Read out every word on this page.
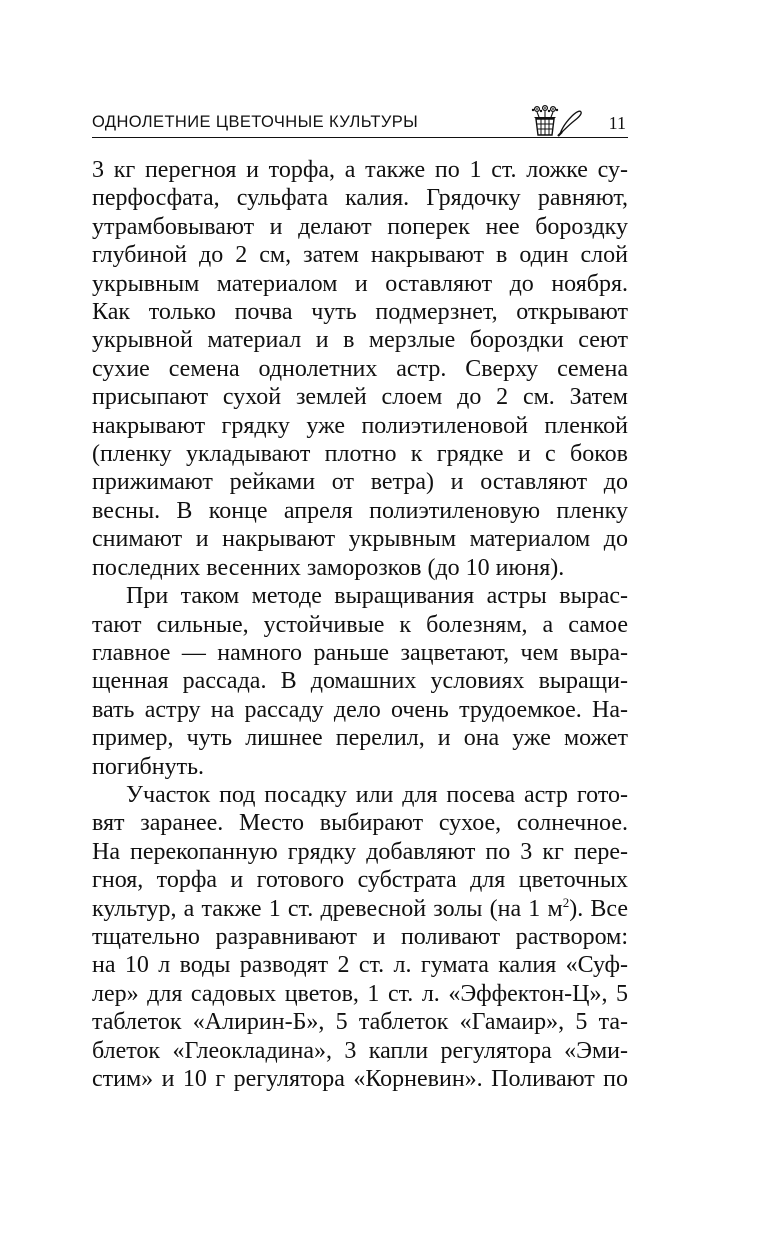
ОДНОЛЕТНИЕ ЦВЕТОЧНЫЕ КУЛЬТУРЫ	11
3 кг перегноя и торфа, а также по 1 ст. ложке су-
перфосфата, сульфата калия. Грядочку равняют,
утрамбовывают и делают поперек нее бороздку
глубиной до 2 см, затем накрывают в один слой
укрывным материалом и оставляют до ноября.
Как только почва чуть подмерзнет, открывают
укрывной материал и в мерзлые бороздки сеют
сухие семена однолетних астр. Сверху семена
присыпают сухой землей слоем до 2 см. Затем
накрывают грядку уже полиэтиленовой пленкой
(пленку укладывают плотно к грядке и с боков
прижимают рейками от ветра) и оставляют до
весны. В конце апреля полиэтиленовую пленку
снимают и накрывают укрывным материалом до
последних весенних заморозков (до 10 июня).
При таком методе выращивания астры выраc-
тают сильные, устойчивые к болезням, а самое
главное — намного раньше зацветают, чем выра-
щенная рассада. В домашних условиях выращи-
вать астру на рассаду дело очень трудоемкое. На-
пример, чуть лишнее перелил, и она уже может
погибнуть.
Участок под посадку или для посева астр гото-
вят заранее. Место выбирают сухое, солнечное.
На перекопанную грядку добавляют по 3 кг пере-
гноя, торфа и готового субстрата для цветочных
культур, а также 1 ст. древесной золы (на 1 $м^2$). Все
тщательно разравнивают и поливают раствором:
на 10 л воды разводят 2 ст. л. гумата калия «Суф-
лер» для садовых цветов, 1 ст. л. «Эффектон-Ц», 5
таблеток «Алирин-Б», 5 таблеток «Гамаир», 5 та-
блеток «Глеокладина», 3 капли регулятора «Эми-
стим» и 10 г регулятора «Корневин». Поливают по
